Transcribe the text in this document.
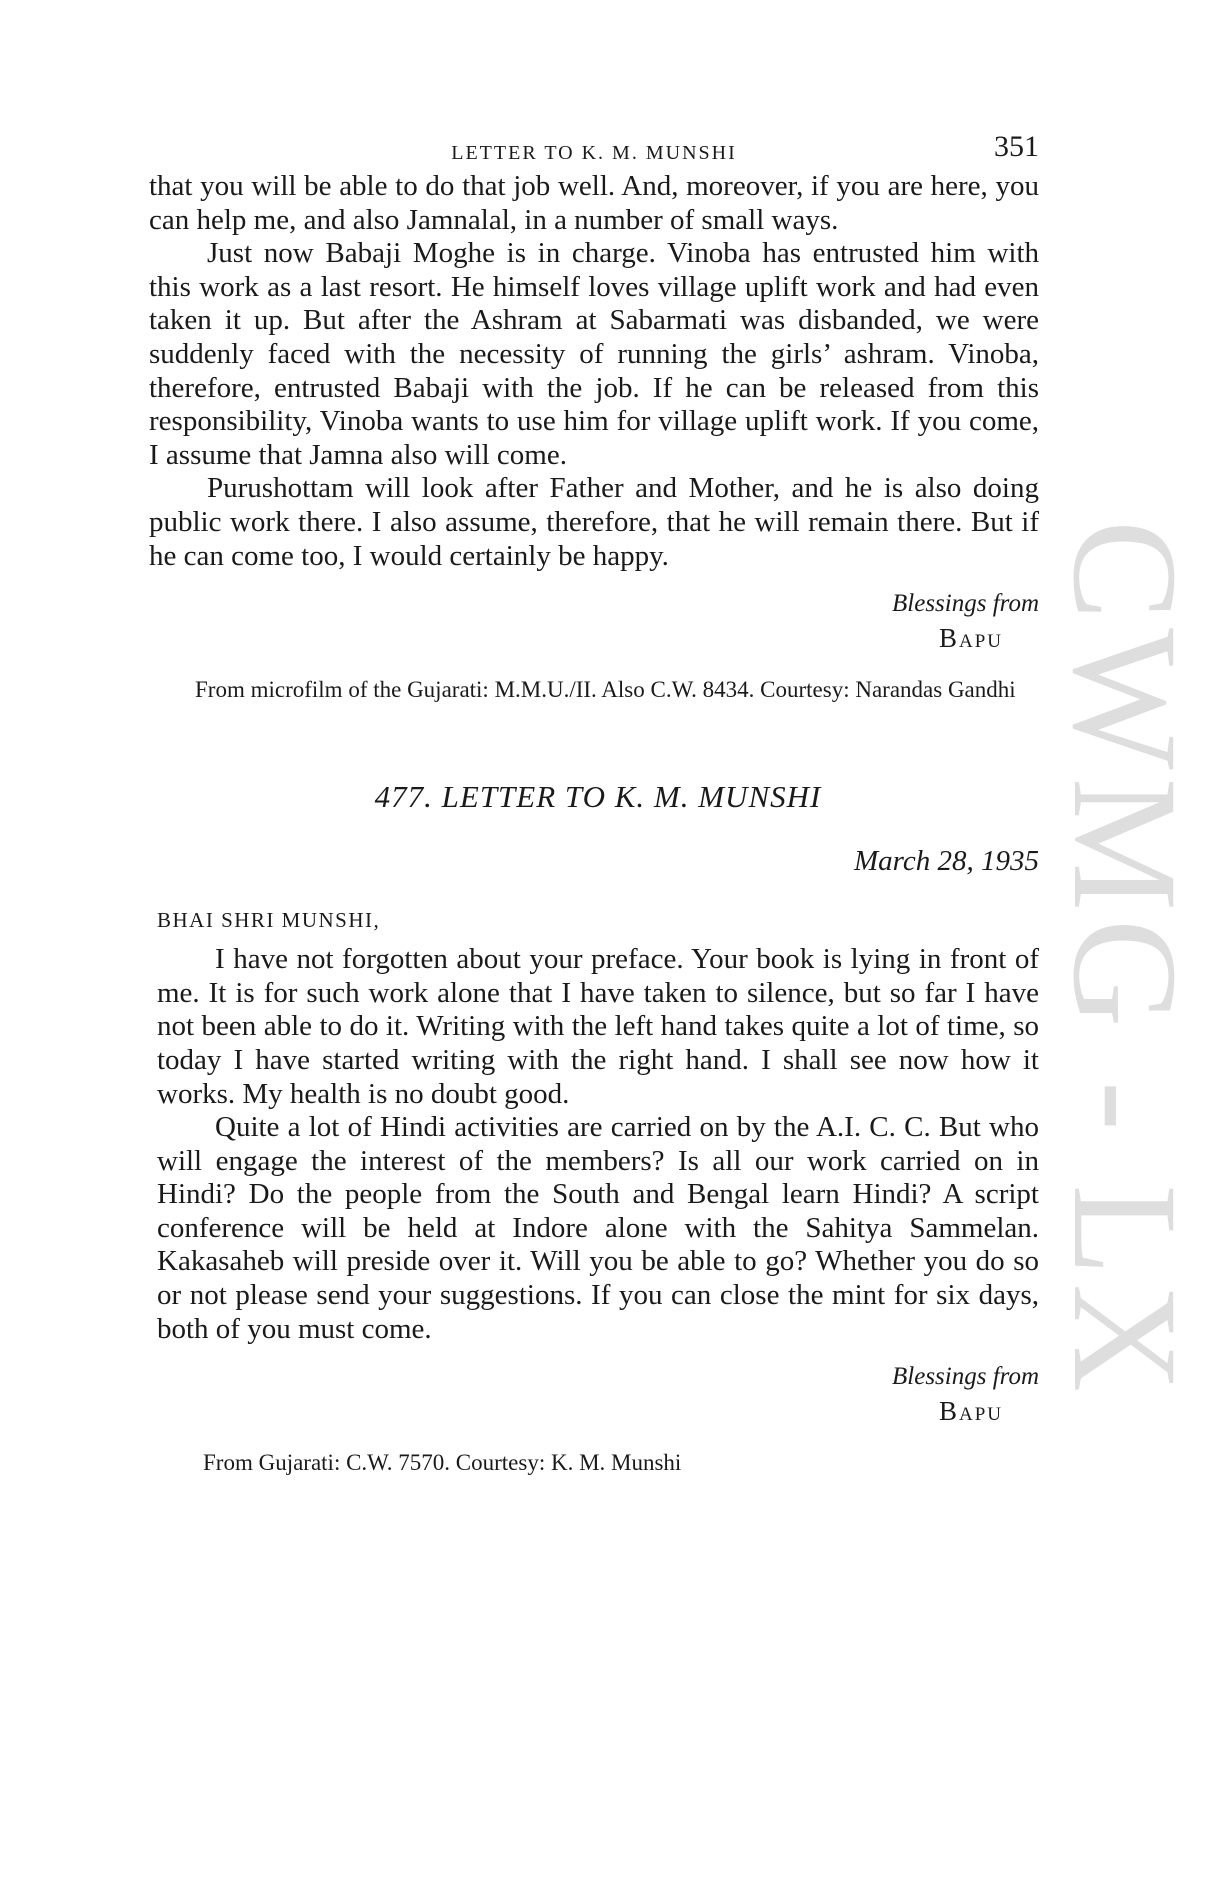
CWMG - LX
LETTER TO K. M. MUNSHI	351

that you will be able to do that job well. And, moreover, if you are here, you can help me, and also Jamnalal, in a number of small ways.

Just now Babaji Moghe is in charge. Vinoba has entrusted him with this work as a last resort. He himself loves village uplift work and had even taken it up. But after the Ashram at Sabarmati was disbanded, we were suddenly faced with the necessity of running the girls’ ashram. Vinoba, therefore, entrusted Babaji with the job. If he can be released from this responsibility, Vinoba wants to use him for village uplift work. If you come, I assume that Jamna also will come.

Purushottam will look after Father and Mother, and he is also doing public work there. I also assume, therefore, that he will remain there. But if he can come too, I would certainly be happy.

Blessings from
Bapu

From microfilm of the Gujarati: M.M.U./II. Also C.W. 8434. Courtesy: Narandas Gandhi

477. LETTER TO K. M. MUNSHI
March 28, 1935
BHAI SHRI MUNSHI,

I have not forgotten about your preface. Your book is lying in front of me. It is for such work alone that I have taken to silence, but so far I have not been able to do it. Writing with the left hand takes quite a lot of time, so today I have started writing with the right hand. I shall see now how it works. My health is no doubt good.

Quite a lot of Hindi activities are carried on by the A.I. C. C. But who will engage the interest of the members? Is all our work carried on in Hindi? Do the people from the South and Bengal learn Hindi? A script conference will be held at Indore alone with the Sahitya Sammelan. Kakasaheb will preside over it. Will you be able to go? Whether you do so or not please send your suggestions. If you can close the mint for six days, both of you must come.

Blessings from
Bapu

From Gujarati: C.W. 7570. Courtesy: K. M. Munshi
